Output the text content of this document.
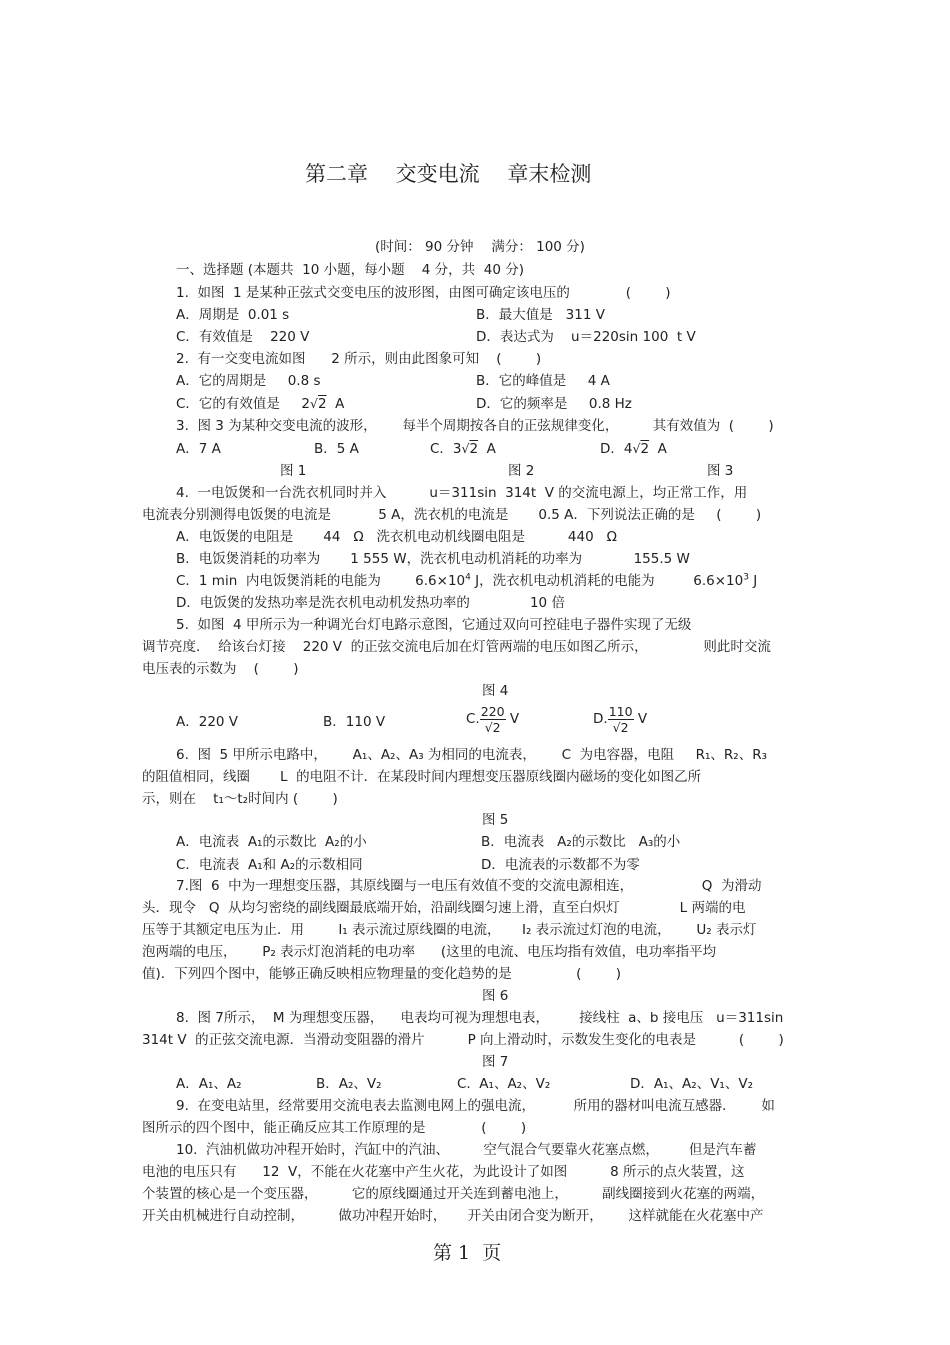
第二章　 交变电流　 章末检测
(时间： 90 分钟　 满分： 100 分)
一、选择题 (本题共  10 小题，每小题    4 分，共  40 分)
1.  如图  1 是某种正弦式交变电压的波形图，由图可确定该电压的             (        )
A．周期是  0.01 s	B．最大值是   311 V
C．有效值是    220 V	D．表达式为    u＝220sin 100  t V
2.  有一交变电流如图      2 所示，则由此图象可知    (        )
A．它的周期是     0.8 s	B．它的峰值是     4 A
C．它的有效值是     2√2  A	D．它的频率是     0.8 Hz
3.  图 3 为某种交变电流的波形，      每半个周期按各自的正弦规律变化，        其有效值为  (        )
A．7 A	B．5 A	C．3√2  A	D．4√2  A
图 1	图 2	图 3
4.  一电饭煲和一台洗衣机同时并入          u＝311sin  314t  V 的交流电源上，均正常工作，用
电流表分别测得电饭煲的电流是           5 A，洗衣机的电流是       0.5 A．下列说法正确的是     (        )
A．电饭煲的电阻是       44   Ω   洗衣机电动机线圈电阻是          440   Ω
B．电饭煲消耗的功率为       1 555 W，洗衣机电动机消耗的功率为            155.5 W
C．1 min  内电饭煲消耗的电能为        $6.6\times 10^4$ J，洗衣机电动机消耗的电能为         $6.6\times 10^3$ J
D．电饭煲的发热功率是洗衣机电动机发热功率的              10 倍
5.  如图  4 甲所示为一种调光台灯电路示意图，它通过双向可控硅电子器件实现了无级
调节亮度．  给该台灯接    220 V  的正弦交流电后加在灯管两端的电压如图乙所示，             则此时交流
电压表的示数为    (        )
图 4
A．220 V	B．110 V	C. $\frac{220}{√2}$ V	D. $\frac{110}{√2}$ V
6.  图  5 甲所示电路中，      A₁、A₂、A₃ 为相同的电流表，      C  为电容器，电阻     R₁、R₂、R₃
的阻值相同，线圈       L  的电阻不计．在某段时间内理想变压器原线圈内磁场的变化如图乙所
示，则在    t₁～t₂时间内 (        )
图 5
A．电流表  A₁的示数比  A₂的小	B．电流表   A₂的示数比   A₃的小
C．电流表  A₁和 A₂的示数相同	D．电流表的示数都不为零
7.图  6  中为一理想变压器，其原线圈与一电压有效值不变的交流电源相连，                Q  为滑动
头．现令   Q  从均匀密绕的副线圈最底端开始，沿副线圈匀速上滑，直至白炽灯              L 两端的电
压等于其额定电压为止．用        I₁ 表示流过原线圈的电流，     I₂ 表示流过灯泡的电流，      U₂ 表示灯
泡两端的电压，      P₂ 表示灯泡消耗的电功率      (这里的电流、电压均指有效值，电功率指平均
值)．下列四个图中，能够正确反映相应物理量的变化趋势的是               (        )
图 6
8.  图 7所示，  M 为理想变压器，    电表均可视为理想电表，       接线柱  a、b 接电压   u＝311sin
314t V  的正弦交流电源．当滑动变阻器的滑片          P 向上滑动时，示数发生变化的电表是          (        )
图 7
A．A₁、A₂	B．A₂、V₂	C.  A₁、A₂、V₂	D．A₁、A₂、V₁、V₂
9.  在变电站里，经常要用交流电表去监测电网上的强电流，         所用的器材叫电流互感器．      如
图所示的四个图中，能正确反应其工作原理的是             (        )
10.  汽油机做功冲程开始时，汽缸中的汽油、        空气混合气要靠火花塞点燃，       但是汽车蓄
电池的电压只有      12  V，不能在火花塞中产生火花，为此设计了如图          8 所示的点火装置，这
个装置的核心是一个变压器，        它的原线圈通过开关连到蓄电池上，        副线圈接到火花塞的两端，
开关由机械进行自动控制，        做功冲程开始时，     开关由闭合变为断开，      这样就能在火花塞中产
第 1  页
